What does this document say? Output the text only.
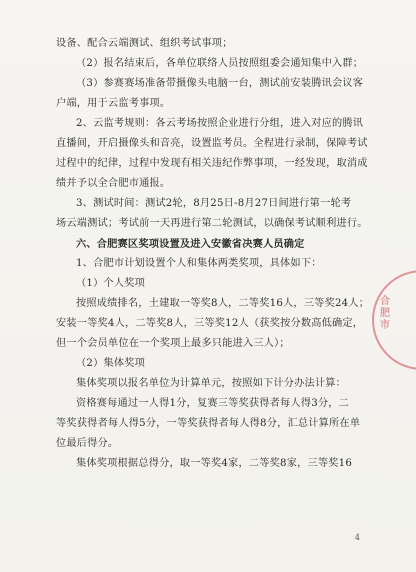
设备、配合云端测试、组织考试事项；
（2）报名结束后，各单位联络人员按照组委会通知集中入群；
（3）参赛赛场准备带摄像头电脑一台，测试前安装腾讯会议客
户端，用于云监考事项。
2、云监考规则：各云考场按照企业进行分组，进入对应的腾讯
直播间，开启摄像头和音亮，设置监考员。全程进行录制，保障考试
过程中的纪律，过程中发现有相关违纪作弊事项，一经发现，取消成
绩并予以全合肥市通报。
3、测试时间：测试2轮，8月25日-8月27日间进行第一轮考
场云端测试；考试前一天再进行第二轮测试，以确保考试顺利进行。
六、合肥赛区奖项设置及进入安徽省决赛人员确定
1、合肥市计划设置个人和集体两类奖项，具体如下：
（1）个人奖项
按照成绩排名，土建取一等奖8人，二等奖16人，三等奖24人；
安装一等奖4人，二等奖8人，三等奖12人（获奖按分数高低确定，
但一个会员单位在一个奖项上最多只能进入三人）；
（2）集体奖项
集体奖项以报名单位为计算单元，按照如下计分办法计算：
资格赛每通过一人得1分，复赛三等奖获得者每人得3分，二
等奖获得者每人得5分，一等奖获得者每人得8分，汇总计算所在单
位最后得分。
集体奖项根据总得分，取一等奖4家，二等奖8家，三等奖16
合肥市
4
